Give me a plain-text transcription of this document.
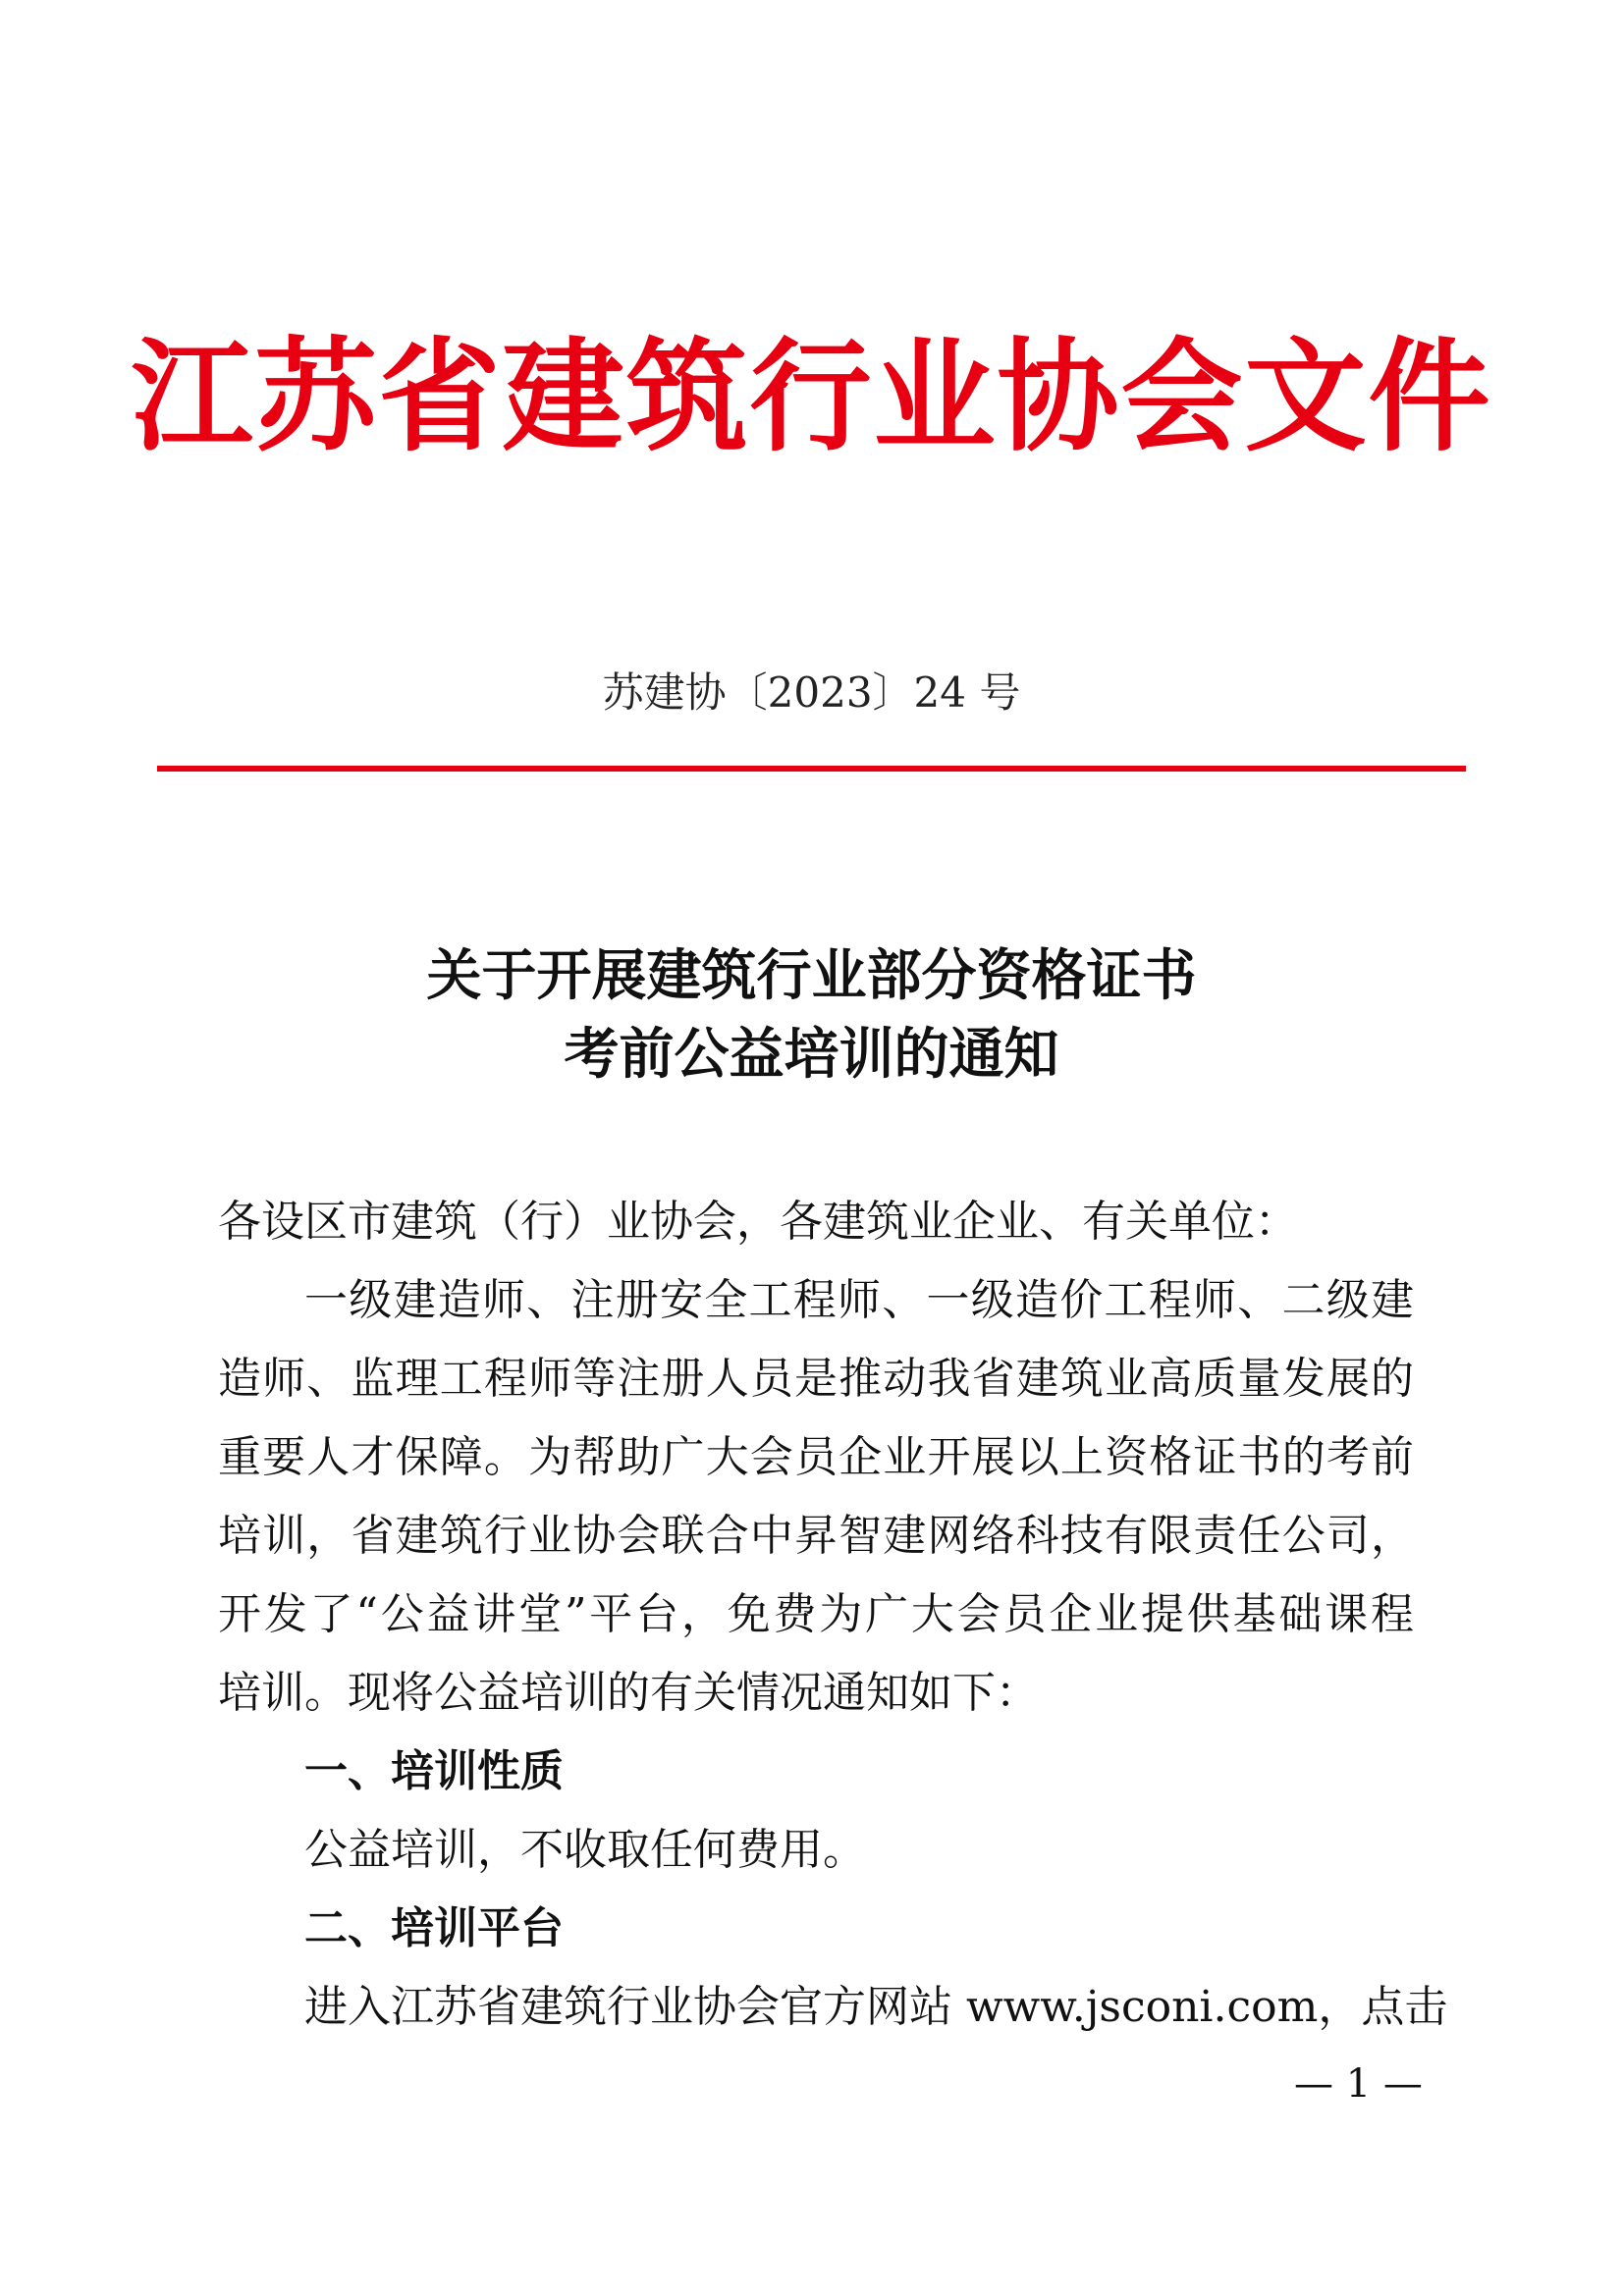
江苏省建筑行业协会文件
苏建协〔2023〕24 号
关于开展建筑行业部分资格证书
考前公益培训的通知
各设区市建筑（行）业协会，各建筑业企业、有关单位：
一级建造师、注册安全工程师、一级造价工程师、二级建
造师、监理工程师等注册人员是推动我省建筑业高质量发展的
重要人才保障。为帮助广大会员企业开展以上资格证书的考前
培训，省建筑行业协会联合中昇智建网络科技有限责任公司，
开发了“公益讲堂”平台，免费为广大会员企业提供基础课程
培训。现将公益培训的有关情况通知如下：
一、培训性质
公益培训，不收取任何费用。
二、培训平台
进入江苏省建筑行业协会官方网站 www.jsconi.com，点击
— 1 —
